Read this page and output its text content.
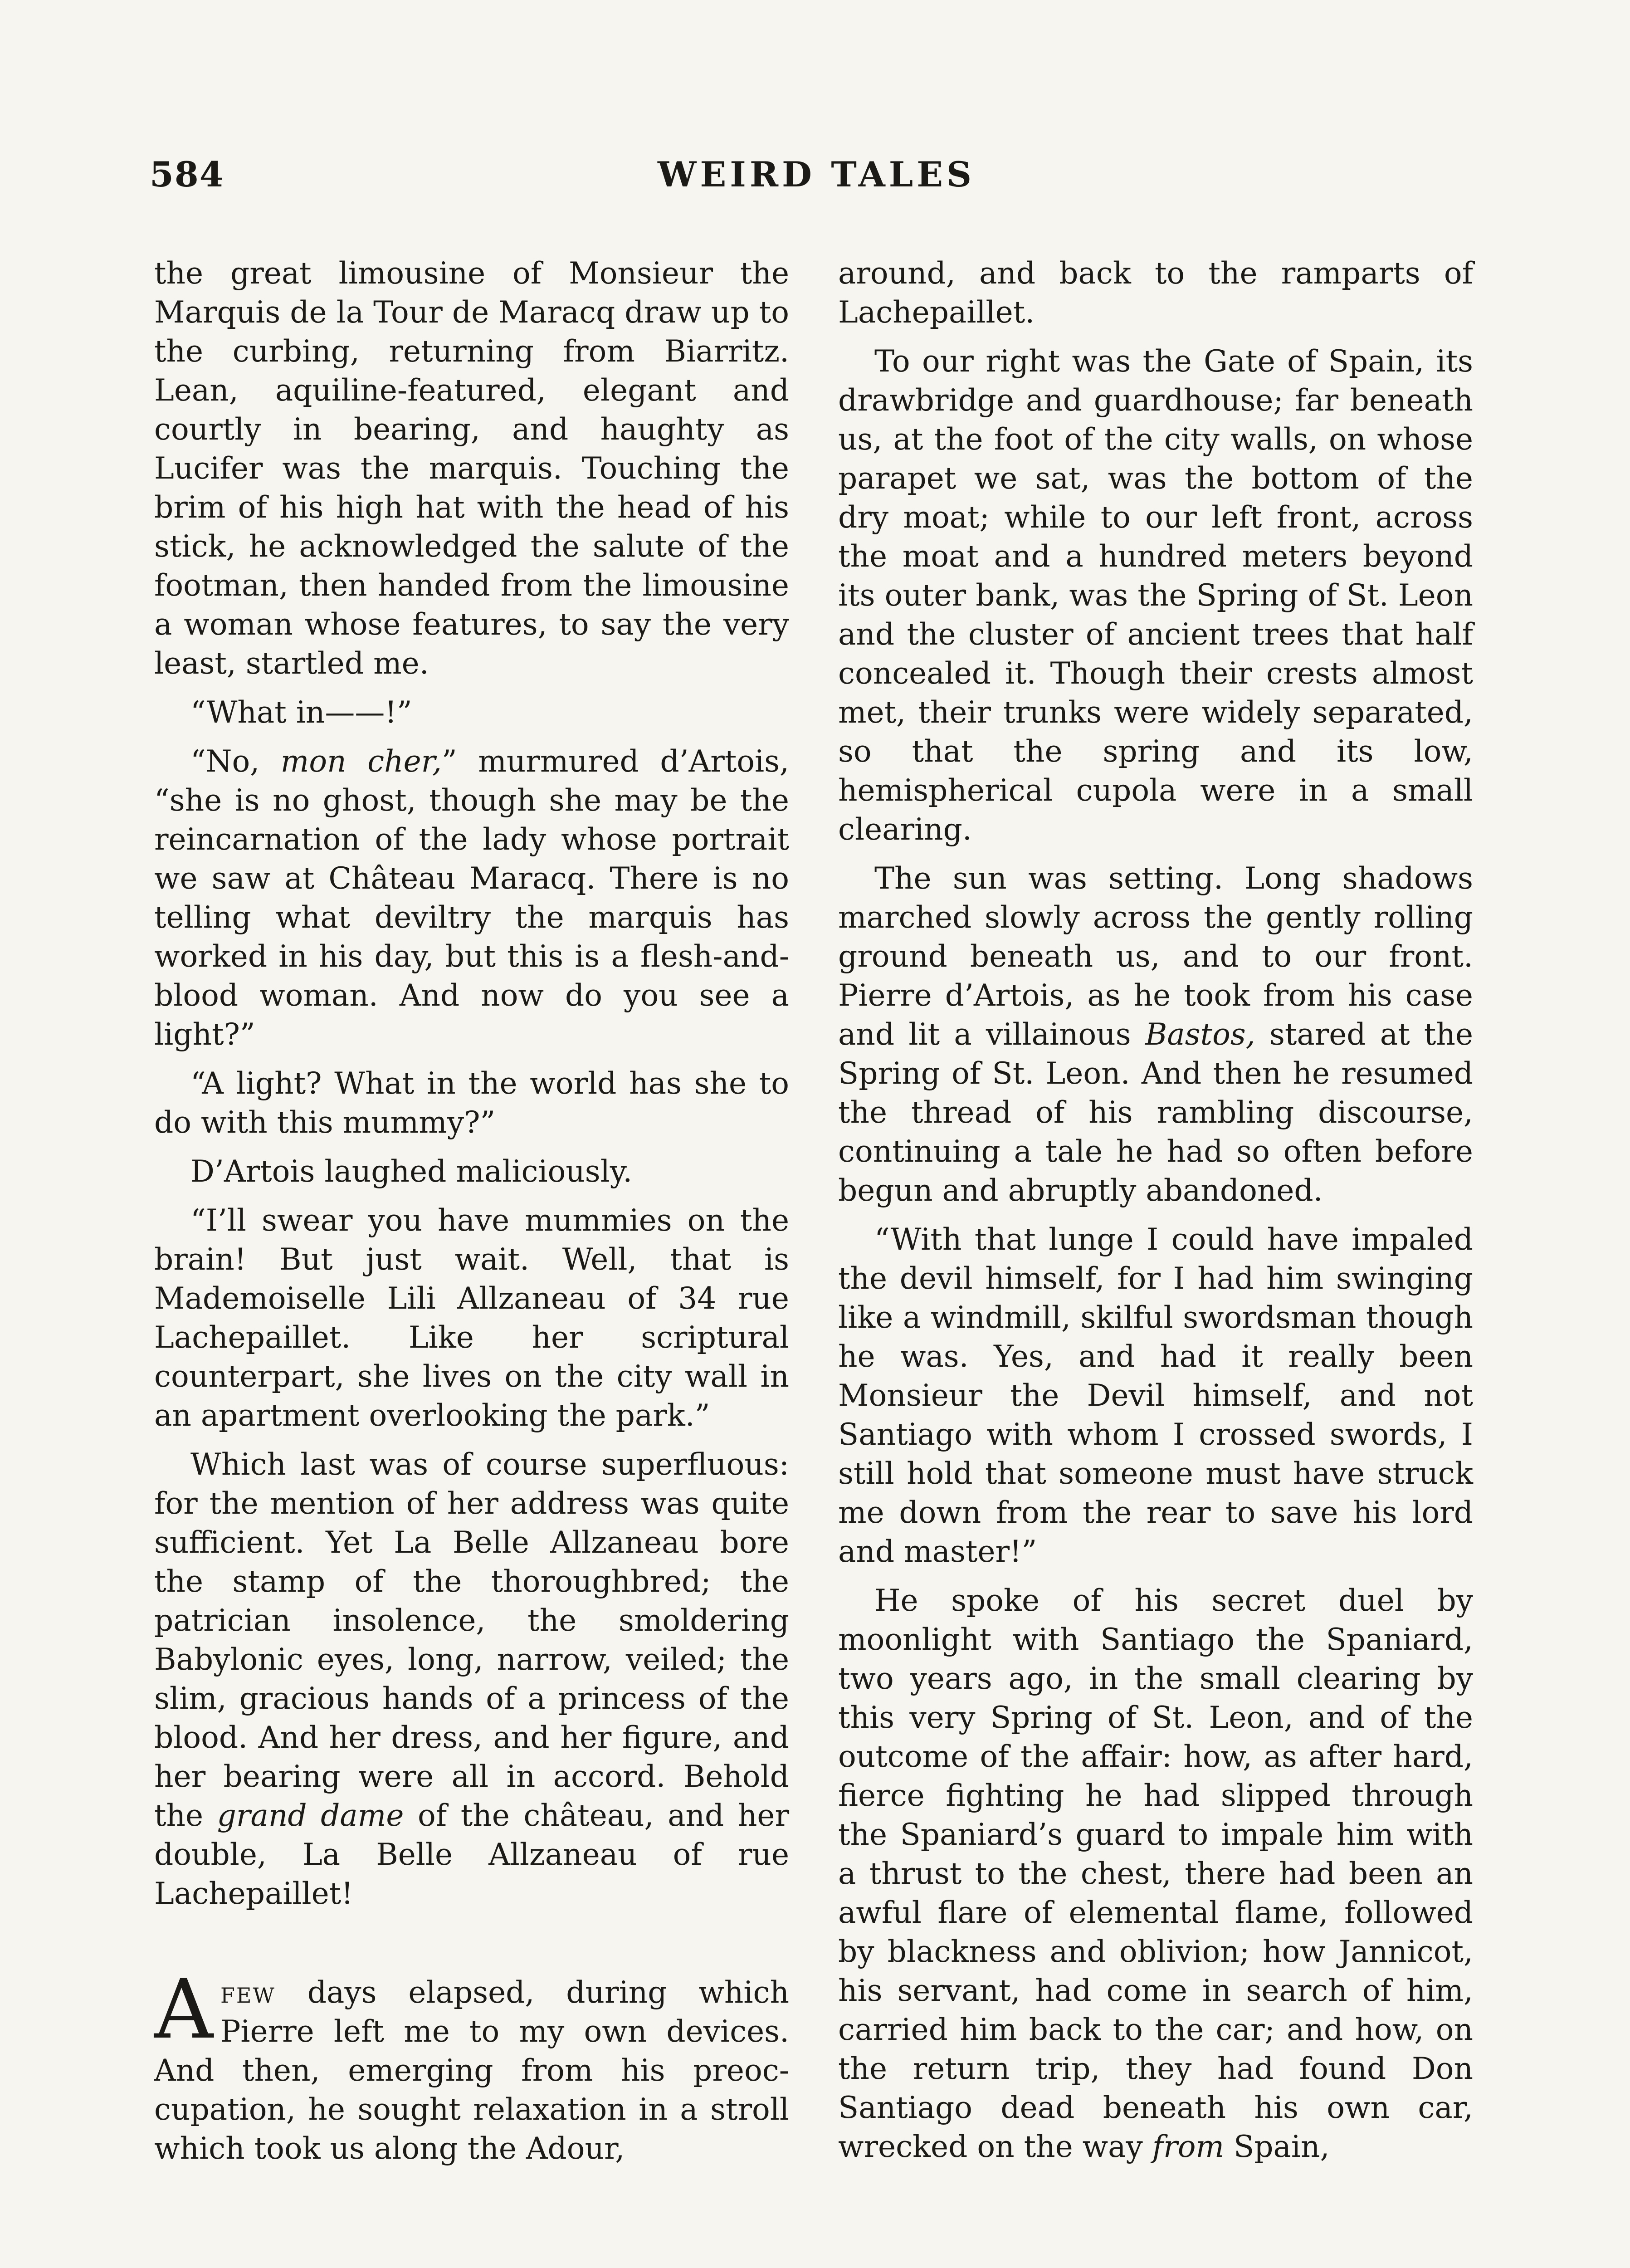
584	WEIRD TALES

the great limousine of Monsieur the Marquis de la Tour de Maracq draw up to the curbing, returning from Biarritz. Lean, aquiline-featured, elegant and courtly in bearing, and haughty as Lucifer was the marquis. Touching the brim of his high hat with the head of his stick, he acknowledged the salute of the footman, then handed from the limousine a woman whose features, to say the very least, startled me.

“What in——!”

“No, mon cher,” murmured d’Artois, “she is no ghost, though she may be the reincarnation of the lady whose portrait we saw at Château Maracq. There is no telling what deviltry the marquis has worked in his day, but this is a flesh-and-blood woman. And now do you see a light?”

“A light? What in the world has she to do with this mummy?”

D’Artois laughed maliciously.

“I’ll swear you have mummies on the brain! But just wait. Well, that is Mademoiselle Lili Allzaneau of 34 rue Lachepaillet. Like her scriptural counterpart, she lives on the city wall in an apartment overlooking the park.”

Which last was of course superfluous: for the mention of her address was quite sufficient. Yet La Belle Allzaneau bore the stamp of the thoroughbred; the patrician insolence, the smoldering Babylonic eyes, long, narrow, veiled; the slim, gracious hands of a princess of the blood. And her dress, and her figure, and her bearing were all in accord. Behold the grand dame of the château, and her double, La Belle Allzaneau of rue Lachepaillet!

Afew days elapsed, during which Pierre left me to my own devices. And then, emerging from his preoccupation, he sought relaxation in a stroll which took us along the Adour,

around, and back to the ramparts of Lachepaillet.

To our right was the Gate of Spain, its drawbridge and guardhouse; far beneath us, at the foot of the city walls, on whose parapet we sat, was the bottom of the dry moat; while to our left front, across the moat and a hundred meters beyond its outer bank, was the Spring of St. Leon and the cluster of ancient trees that half concealed it. Though their crests almost met, their trunks were widely separated, so that the spring and its low, hemispherical cupola were in a small clearing.

The sun was setting. Long shadows marched slowly across the gently rolling ground beneath us, and to our front. Pierre d’Artois, as he took from his case and lit a villainous Bastos, stared at the Spring of St. Leon. And then he resumed the thread of his rambling discourse, continuing a tale he had so often before begun and abruptly abandoned.

“With that lunge I could have impaled the devil himself, for I had him swinging like a windmill, skilful swordsman though he was. Yes, and had it really been Monsieur the Devil himself, and not Santiago with whom I crossed swords, I still hold that someone must have struck me down from the rear to save his lord and master!”

He spoke of his secret duel by moonlight with Santiago the Spaniard, two years ago, in the small clearing by this very Spring of St. Leon, and of the outcome of the affair: how, as after hard, fierce fighting he had slipped through the Spaniard’s guard to impale him with a thrust to the chest, there had been an awful flare of elemental flame, followed by blackness and oblivion; how Jannicot, his servant, had come in search of him, carried him back to the car; and how, on the return trip, they had found Don Santiago dead beneath his own car, wrecked on the way from Spain,
